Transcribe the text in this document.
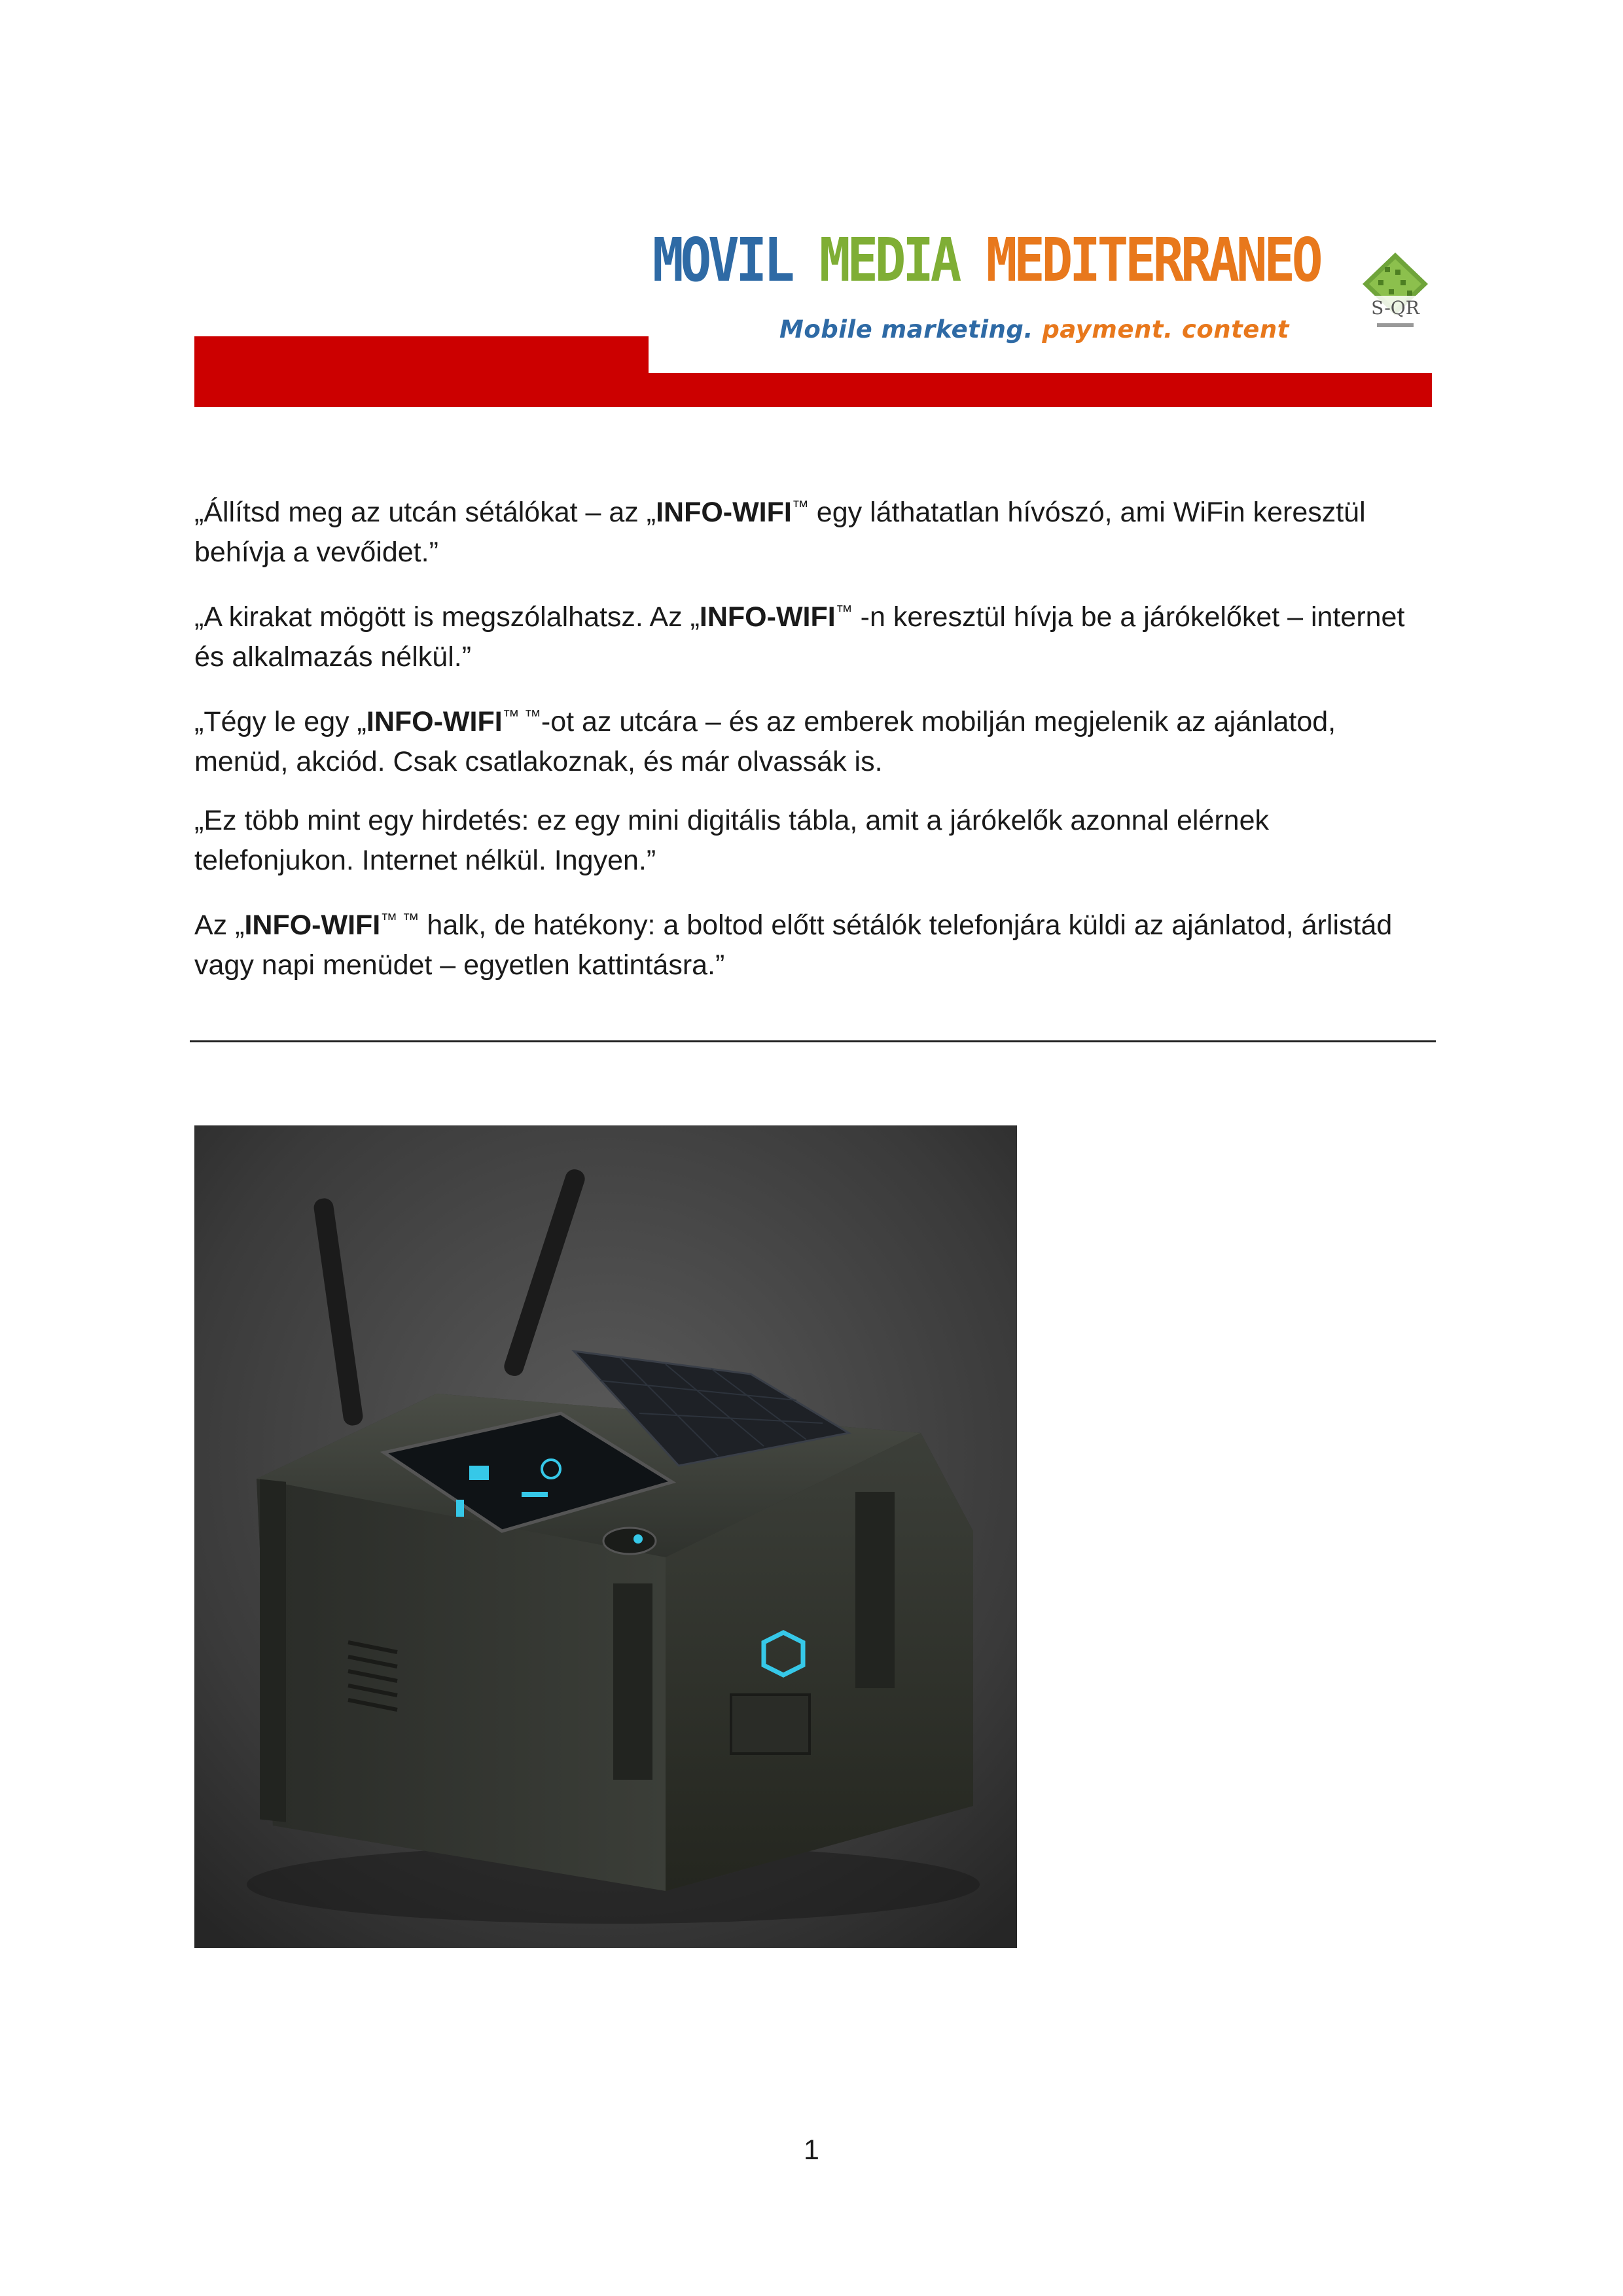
MOVIL MEDIA MEDITERRANEO
Mobile marketing. payment. content
S-QR

„Állítsd meg az utcán sétálókat – az „INFO-WIFI™ egy láthatatlan hívószó, ami WiFin keresztül behívja a vevőidet.”

„A kirakat mögött is megszólalhatsz. Az „INFO-WIFI™ -n keresztül hívja be a járókelőket – internet és alkalmazás nélkül.”

„Tégy le egy „INFO-WIFI™ ™-ot az utcára – és az emberek mobilján megjelenik az ajánlatod, menüd, akciód. Csak csatlakoznak, és már olvassák is.

„Ez több mint egy hirdetés: ez egy mini digitális tábla, amit a járókelők azonnal elérnek telefonjukon. Internet nélkül. Ingyen.”

Az „INFO-WIFI™ ™ halk, de hatékony: a boltod előtt sétálók telefonjára küldi az ajánlatod, árlistád vagy napi menüdet – egyetlen kattintásra.”

1
